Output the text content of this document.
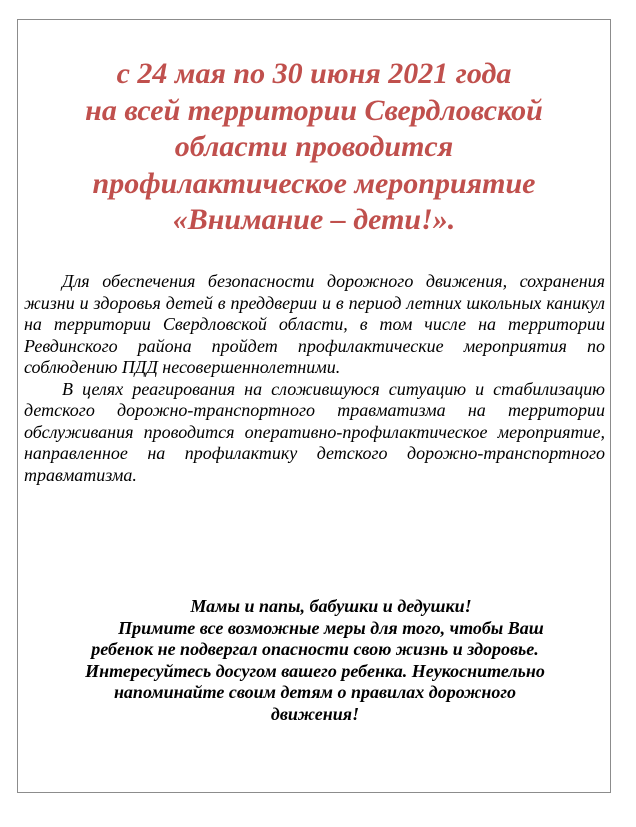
с 24 мая по 30 июня 2021 года
на всей территории Свердловской
области проводится
профилактическое мероприятие
«Внимание – дети!».

Для обеспечения безопасности дорожного движения, сохранения жизни и здоровья детей в преддверии и в период летних школьных каникул на территории Свердловской области, в том числе на территории Ревдинского района пройдет профилактические мероприятия по соблюдению ПДД несовершеннолетними.

В целях реагирования на сложившуюся ситуацию и стабилизацию детского дорожно-транспортного травматизма на территории обслуживания проводится оперативно-профилактическое мероприятие, направленное на профилактику детского дорожно-транспортного травматизма.

Мамы и папы, бабушки и дедушки!

Примите все возможные меры для того, чтобы Ваш

ребенок не подвергал опасности свою жизнь и здоровье.

Интересуйтесь досугом вашего ребенка. Неукоснительно

напоминайте своим детям о правилах дорожного

движения!
